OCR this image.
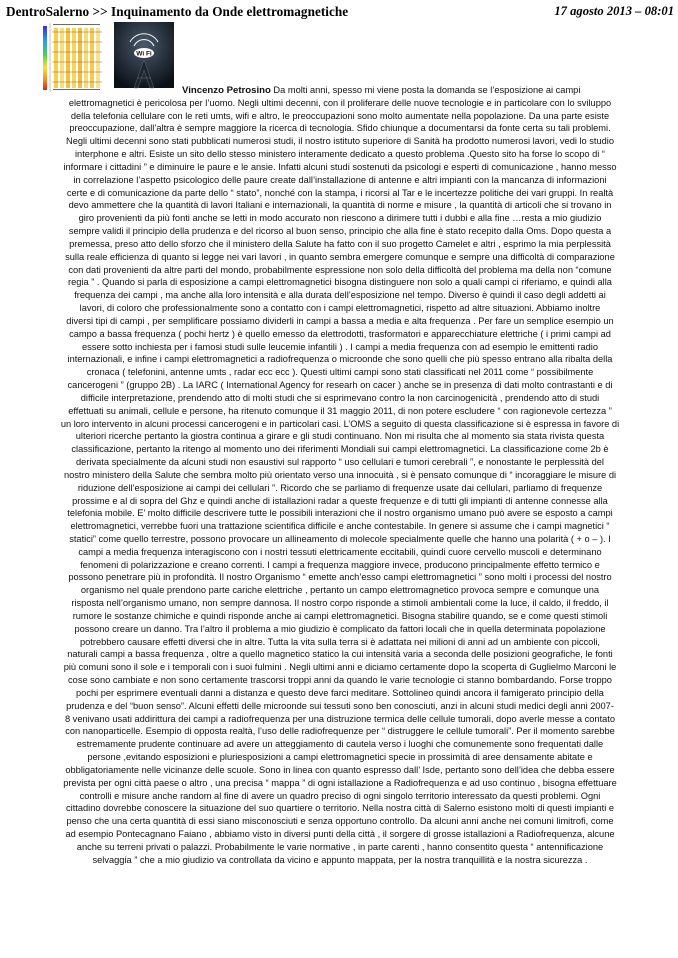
DentroSalerno >> Inquinamento da Onde elettromagnetiche	17 agosto 2013 – 08:01
Wi Fi
Vincenzo Petrosino Da molti anni, spesso mi viene posta la domanda se l’esposizione ai campi
elettromagnetici è pericolosa per l’uomo. Negli ultimi decenni, con il proliferare delle nuove tecnologie e in particolare con lo sviluppo
della telefonia cellulare con le reti umts, wifi e altro, le preoccupazioni sono molto aumentate nella popolazione. Da una parte esiste
preoccupazione, dall’altra è sempre maggiore la ricerca di tecnologia. Sfido chiunque a documentarsi da fonte certa su tali problemi.
Negli ultimi decenni sono stati pubblicati numerosi studi, il nostro istituto superiore di Sanità ha prodotto numerosi lavori, vedi lo studio
interphone e altri. Esiste un sito dello stesso ministero interamente dedicato a questo problema .Questo sito ha forse lo scopo di “
informare i cittadini ” e diminuire le paure e le ansie. Infatti alcuni studi sostenuti da psicologi e esperti di comunicazione , hanno messo
in correlazione l’aspetto psicologico delle paure create dall’installazione di antenne e altri impianti con la mancanza di informazioni
certe e di comunicazione da parte dello “ stato”, nonché con la stampa, i ricorsi al Tar e le incertezze politiche dei vari gruppi. In realtà
devo ammettere che la quantità di lavori Italiani e internazionali, la quantità di norme e misure , la quantità di articoli che si trovano in
giro provenienti da più fonti anche se letti in modo accurato non riescono a dirimere tutti i dubbi e alla fine …resta a mio giudizio
sempre validi il principio della prudenza e del ricorso al buon senso, principio che alla fine è stato recepito dalla Oms. Dopo questa a
premessa, preso atto dello sforzo che il ministero della Salute ha fatto con il suo progetto Camelet e altri , esprimo la mia perplessità
sulla reale efficienza di quanto si legge nei vari lavori , in quanto sembra emergere comunque e sempre una difficoltà di comparazione
con dati provenienti da altre parti del mondo, probabilmente espressione non solo della difficoltà del problema ma della non “comune
regia ” . Quando si parla di esposizione a campi elettromagnetici bisogna distinguere non solo a quali campi ci riferiamo, e quindi alla
frequenza dei campi , ma anche alla loro intensità e alla durata dell’esposizione nel tempo. Diverso è quindi il caso degli addetti ai
lavori, di coloro che professionalmente sono a contatto con i campi elettromagnetici, rispetto ad altre situazioni. Abbiamo inoltre
diversi tipi di campi , per semplificare possiamo dividerli in campi a bassa a media e alta frequenza . Per fare un semplice esempio un
campo a bassa frequenza ( pochi hertz ) è quello emesso da elettrodotti, trasformatori e apparecchiature elettriche ( i primi campi ad
essere sotto inchiesta per i famosi studi sulle leucemie infantili ) . I campi a media frequenza con ad esempio le emittenti radio
internazionali, e infine i campi elettromagnetici a radiofrequenza o microonde che sono quelli che più spesso entrano alla ribalta della
cronaca ( telefonini, antenne umts , radar ecc ecc ). Questi ultimi campi sono stati classificati nel 2011 come “ possibilmente
cancerogeni ” (gruppo 2B) . La IARC ( International Agency for researh on cacer ) anche se in presenza di dati molto contrastanti e di
difficile interpretazione, prendendo atto di molti studi che si esprimevano contro la non carcinogenicità , prendendo atto di studi
effettuati su animali, cellule e persone, ha ritenuto comunque il 31 maggio 2011, di non potere escludere “ con ragionevole certezza ”
un loro intervento in alcuni processi cancerogeni e in particolari casi. L’OMS a seguito di questa classificazione si è espressa in favore di
ulteriori ricerche pertanto la giostra continua a girare e gli studi continuano. Non mi risulta che al momento sia stata rivista questa
classificazione, pertanto la ritengo al momento uno dei riferimenti Mondiali sui campi elettromagnetici. La classificazione come 2b è
derivata specialmente da alcuni studi non esaustivi sul rapporto “ uso cellulari e tumori cerebrali ”, e nonostante le perplessità del
nostro ministero della Salute che sembra molto più orientato verso una innocuità , si è pensato comunque di “ incoraggiare le misure di
riduzione dell’esposizione ai campi dei cellulari ”. Ricordo che se parliamo di frequenze usate dai cellulari, parliamo di frequenze
prossime e al di sopra del Ghz e quindi anche di istallazioni radar a queste frequenze e di tutti gli impianti di antenne connesse alla
telefonia mobile. E’ molto difficile descrivere tutte le possibili interazioni che il nostro organismo umano può avere se esposto a campi
elettromagnetici, verrebbe fuori una trattazione scientifica difficile e anche contestabile. In genere si assume che i campi magnetici “
statici” come quello terrestre, possono provocare un allineamento di molecole specialmente quelle che hanno una polarità ( + o – ). I
campi a media frequenza interagiscono con i nostri tessuti elettricamente eccitabili, quindi cuore cervello muscoli e determinano
fenomeni di polarizzazione e creano correnti. I campi a frequenza maggiore invece, producono principalmente effetto termico e
possono penetrare più in profondità. Il nostro Organismo “ emette anch’esso campi elettromagnetici ” sono molti i processi del nostro
organismo nel quale prendono parte cariche elettriche , pertanto un campo elettromagnetico provoca sempre e comunque una
risposta nell’organismo umano, non sempre dannosa. Il nostro corpo risponde a stimoli ambientali come la luce, il caldo, il freddo, il
rumore le sostanze chimiche e quindi risponde anche ai campi elettromagnetici. Bisogna stabilire quando, se e come questi stimoli
possono creare un danno. Tra l’altro il problema a mio giudizio è complicato da fattori locali che in quella determinata popolazione
potrebbero causare effetti diversi che in altre. Tutta la vita sulla terra si è adattata nei milioni di anni ad un ambiente con piccoli,
naturali campi a bassa frequenza , oltre a quello magnetico statico la cui intensità varia a seconda delle posizioni geografiche, le fonti
più comuni sono il sole e i temporali con i suoi fulmini . Negli ultimi anni e diciamo certamente dopo la scoperta di Guglielmo Marconi le
cose sono cambiate e non sono certamente trascorsi troppi anni da quando le varie tecnologie ci stanno bombardando. Forse troppo
pochi per esprimere eventuali danni a distanza e questo deve farci meditare. Sottolineo quindi ancora il famigerato principio della
prudenza e del “buon senso”. Alcuni effetti delle microonde sui tessuti sono ben conosciuti, anzi in alcuni studi medici degli anni 2007-
8 venivano usati addirittura dei campi a radiofrequenza per una distruzione termica delle cellule tumorali, dopo averle messe a contato
con nanoparticelle. Esempio di opposta realtà, l’uso delle radiofrequenze per “ distruggere le cellule tumorali”. Per il momento sarebbe
estremamente prudente continuare ad avere un atteggiamento di cautela verso i luoghi che comunemente sono frequentati dalle
persone ,evitando esposizioni e pluriesposizioni a campi elettromagnetici specie in prossimità di aree densamente abitate e
obbligatoriamente nelle vicinanze delle scuole. Sono in linea con quanto espresso dall’ Isde, pertanto sono dell’idea che debba essere
prevista per ogni città paese o altro , una precisa “ mappa ” di ogni istallazione a Radiofrequenza e ad uso continuo , bisogna effettuare
controlli e misure anche random al fine di avere un quadro preciso di ogni singolo territorio interessato da questi problemi. Ogni
cittadino dovrebbe conoscere la situazione del suo quartiere o territorio. Nella nostra città di Salerno esistono molti di questi impianti e
penso che una certa quantità di essi siano misconosciuti e senza opportuno controllo. Da alcuni anni anche nei comuni limitrofi, come
ad esempio Pontecagnano Faiano , abbiamo visto in diversi punti della città , il sorgere di grosse istallazioni a Radiofrequenza, alcune
anche su terreni privati o palazzi. Probabilmente le varie normative , in parte carenti , hanno consentito questa “ antennificazione
selvaggia ” che a mio giudizio va controllata da vicino e appunto mappata, per la nostra tranquillità e la nostra sicurezza .
